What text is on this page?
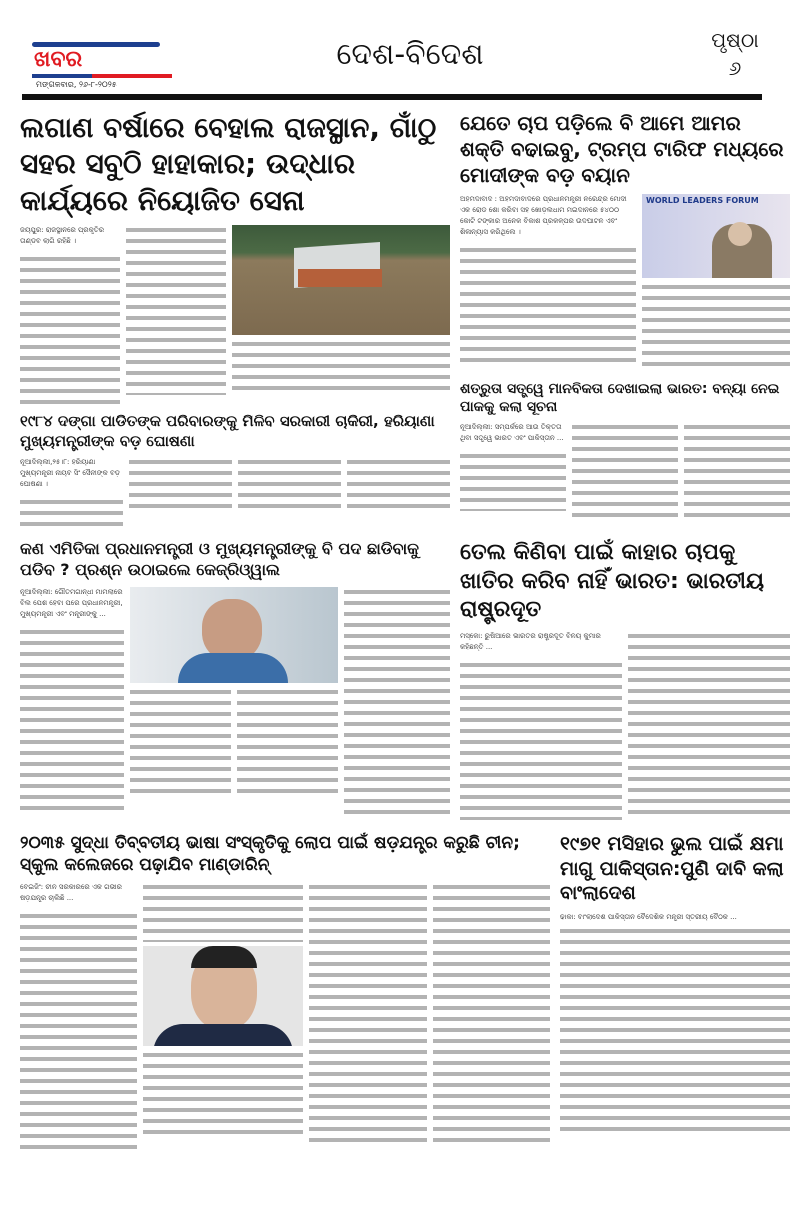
ଖବର
ମଙ୍ଗଳବାର, ୨୬-୮-୨୦୨୫
ଦେଶ-ବିଦେଶ	ପୃଷ୍ଠା
୬
ଲଗାଣ ବର୍ଷାରେ ବେହାଲ ରାଜସ୍ଥାନ, ଗାଁଠୁ ସହର ସବୁଠି ହାହାକାର; ଉଦ୍ଧାର କାର୍ଯ୍ୟରେ ନିୟୋଜିତ ସେନା
ଜୟପୁର: ରାଜସ୍ଥାନରେ ପ୍ରକୃତିର ତାଣ୍ଡବ ଲାଗି ରହିଛି ।
୧୯୮୪ ଦଙ୍ଗା ପାଡିତଙ୍କ ପରିବାରଙ୍କୁ ମିଳିବ ସରକାରୀ ଚାକିରୀ, ହରିୟାଣା ମୁଖ୍ୟମନ୍ତ୍ରୀଙ୍କ ବଡ଼ ଘୋଷଣା
ନୂଆଦିଲ୍ଲୀ,୨୫।୮: ହରିୟାଣା ମୁଖ୍ୟମନ୍ତ୍ରୀ ନାୟବ ସିଂ ସୈନୀଙ୍କ ବଡ଼ ଘୋଷଣା ।
ଯେତେ ଚାପ ପଡ଼ିଲେ ବି ଆମେ ଆମର ଶକ୍ତି ବଢାଇବୁ, ଟ୍ରମ୍ପ ଟାରିଫ ମଧ୍ୟରେ ମୋଦୀଙ୍କ ବଡ଼ ବୟାନ
ଅହମଦାବାଦ : ଅହମଦାବାଦରେ ପ୍ରଧାନମନ୍ତ୍ରୀ ନରେନ୍ଦ୍ର ମୋଦୀ ଏକ ରୋଡ ଶୋ କରିବା ସହ ଖୋଡ଼ଲଧାମ ମଇଦାନରେ ୫୪୦୦ କୋଟି ଟଙ୍କାର ଅନେକ ବିକାଶ ପ୍ରକଳ୍ପର ଉଦଘାଟନ ଏବଂ ଶିଳାନ୍ୟାସ କରିଥିଲେ ।
WORLD LEADERS FORUM
ଶତ୍ରୁତା ସତ୍ତ୍ୱେ ମାନବିକତା ଦେଖାଇଲା ଭାରତ: ବନ୍ୟା ନେଇ ପାକକୁ କଲା ସୂଚନା
ନୂଆଦିଲ୍ଲୀ: ସମ୍ପର୍କରେ ଆଉ ତିକ୍ତତା ଥିବା ସତ୍ତ୍ୱେ ଭାରତ ଏବଂ ପାକିସ୍ତାନ ...
କଣ ଏମିତିକା ପ୍ରଧାନମନ୍ତ୍ରୀ ଓ ମୁଖ୍ୟମନ୍ତ୍ରୀଙ୍କୁ ବି ପଦ ଛାଡିବାକୁ ପଡିବ ? ପ୍ରଶ୍ନ ଉଠାଇଲେ କେଜ୍ରିଓ୍ୱାଲ
ନୂଆଦିଲ୍ଲୀ: ଗୌତମଗାନ୍ଧୀ ମାମଲାରେ ବିଲ ପେଶ ହେବା ପରେ ପ୍ରଧାନମନ୍ତ୍ରୀ, ମୁଖ୍ୟମନ୍ତ୍ରୀ ଏବଂ ମନ୍ତ୍ରୀଙ୍କୁ ...
ତେଲ କିଣିବା ପାଇଁ କାହାର ଚାପକୁ ଖାତିର କରିବ ନାହିଁ ଭାରତ: ଭାରତୀୟ ରାଷ୍ଟ୍ରଦୂତ
ମସ୍କୋ: ରୁଷିଆରେ ଭାରତର ରାଷ୍ଟ୍ରଦୂତ ବିନୟ କୁମାର କହିଛନ୍ତି ...
୨୦୩୫ ସୁଦ୍ଧା ତିବ୍ବତୀୟ ଭାଷା ସଂସ୍କୃତିକୁ ଲୋପ ପାଇଁ ଷଡ଼ଯନ୍ତ୍ର କରୁଛି ଚୀନ; ସ୍କୁଲ କଲେଜରେ ପଢ଼ାଯିବ ମାଣ୍ଡାରିନ୍
ବେଇଜିଂ: ଚୀନ ସରକାରରେ ଏକ ଗଭୀର ଷଡ଼ଯନ୍ତ୍ର ଚାଲିଛି ...
୧୯୭୧ ମସିହାର ଭୁଲ ପାଇଁ କ୍ଷମା ମାଗୁ ପାକିସ୍ତାନ:ପୁଣି ଦାବି କଲା ବାଂଲାଦେଶ
ଢାକା: ବାଂଲାଦେଶ ପାକିସ୍ତାନ ବୈଦେଶିକ ମନ୍ତ୍ରୀ ସ୍ତରୀୟ ବୈଠକ ...
